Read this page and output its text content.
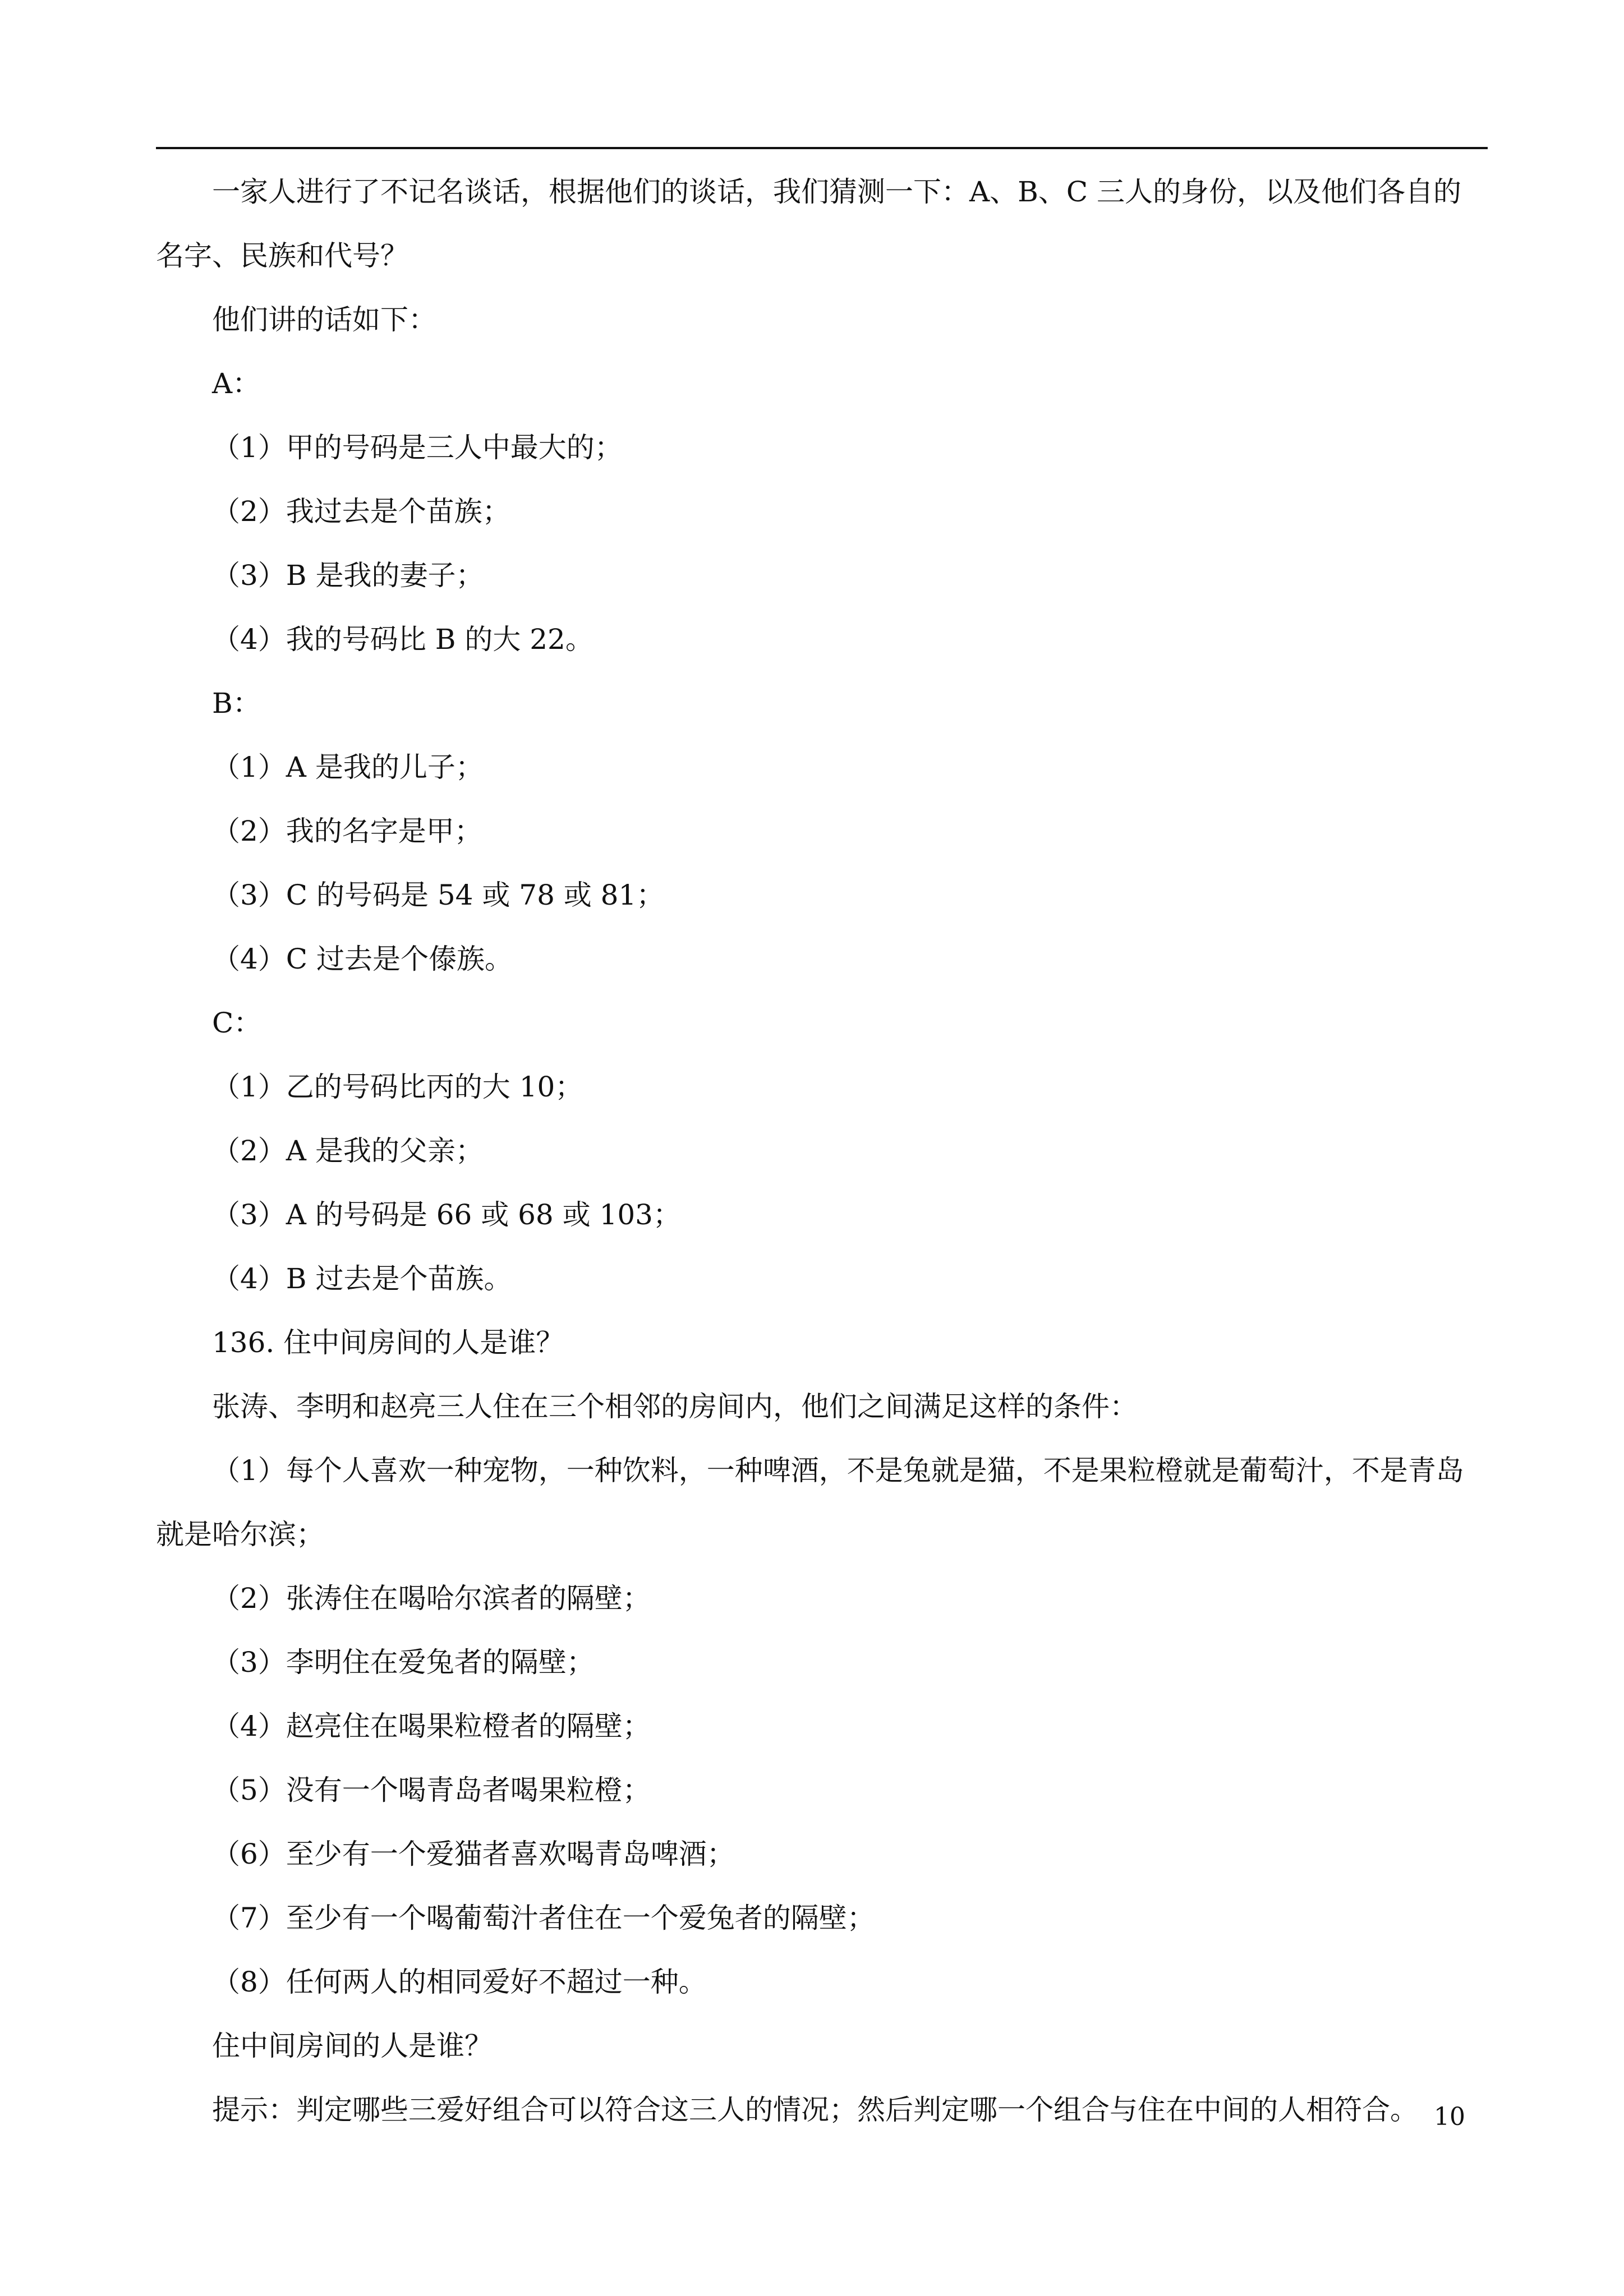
一家人进行了不记名谈话，根据他们的谈话，我们猜测一下：A、B、C 三人的身份，以及他们各自的名字、民族和代号？

他们讲的话如下：

A：

（1）甲的号码是三人中最大的；

（2）我过去是个苗族；

（3）B 是我的妻子；

（4）我的号码比 B 的大 22。

B：

（1）A 是我的儿子；

（2）我的名字是甲；

（3）C 的号码是 54 或 78 或 81；

（4）C 过去是个傣族。

C：

（1）乙的号码比丙的大 10；

（2）A 是我的父亲；

（3）A 的号码是 66 或 68 或 103；

（4）B 过去是个苗族。

136. 住中间房间的人是谁？

张涛、李明和赵亮三人住在三个相邻的房间内，他们之间满足这样的条件：

（1）每个人喜欢一种宠物，一种饮料，一种啤酒，不是兔就是猫，不是果粒橙就是葡萄汁，不是青岛就是哈尔滨；

（2）张涛住在喝哈尔滨者的隔壁；

（3）李明住在爱兔者的隔壁；

（4）赵亮住在喝果粒橙者的隔壁；

（5）没有一个喝青岛者喝果粒橙；

（6）至少有一个爱猫者喜欢喝青岛啤酒；

（7）至少有一个喝葡萄汁者住在一个爱兔者的隔壁；

（8）任何两人的相同爱好不超过一种。

住中间房间的人是谁？

提示：判定哪些三爱好组合可以符合这三人的情况；然后判定哪一个组合与住在中间的人相符合。 10
